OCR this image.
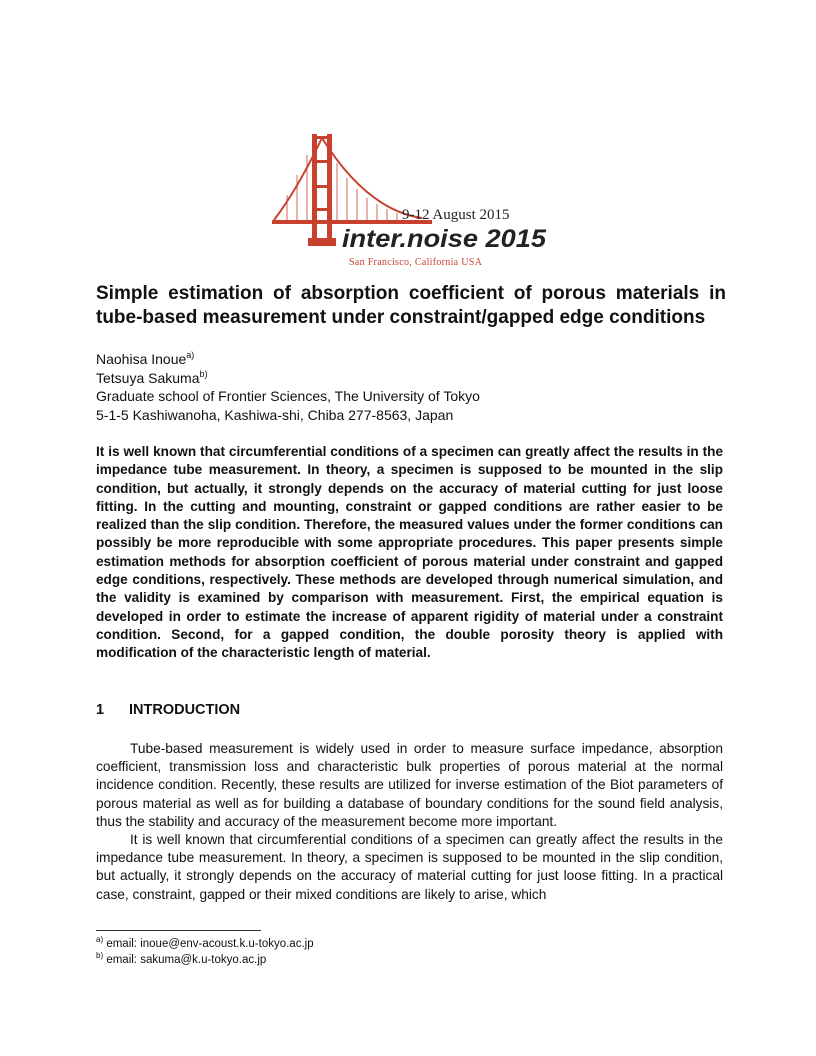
9-12 August 2015
inter.noise 2015
San Francisco, California USA
Simple estimation of absorption coefficient of porous materials in tube-based measurement under constraint/gapped edge conditions
Naohisa Inoue$^{a)}$
Tetsuya Sakuma$^{b)}$
Graduate school of Frontier Sciences, The University of Tokyo
5-1-5 Kashiwanoha, Kashiwa-shi, Chiba 277-8563, Japan

It is well known that circumferential conditions of a specimen can greatly affect the results in the impedance tube measurement. In theory, a specimen is supposed to be mounted in the slip condition, but actually, it strongly depends on the accuracy of material cutting for just loose fitting. In the cutting and mounting, constraint or gapped conditions are rather easier to be realized than the slip condition. Therefore, the measured values under the former conditions can possibly be more reproducible with some appropriate procedures. This paper presents simple estimation methods for absorption coefficient of porous material under constraint and gapped edge conditions, respectively. These methods are developed through numerical simulation, and the validity is examined by comparison with measurement. First, the empirical equation is developed in order to estimate the increase of apparent rigidity of material under a constraint condition. Second, for a gapped condition, the double porosity theory is applied with modification of the characteristic length of material.

1 INTRODUCTION

Tube-based measurement is widely used in order to measure surface impedance, absorption coefficient, transmission loss and characteristic bulk properties of porous material at the normal incidence condition. Recently, these results are utilized for inverse estimation of the Biot parameters of porous material as well as for building a database of boundary conditions for the sound field analysis, thus the stability and accuracy of the measurement become more important.

It is well known that circumferential conditions of a specimen can greatly affect the results in the impedance tube measurement. In theory, a specimen is supposed to be mounted in the slip condition, but actually, it strongly depends on the accuracy of material cutting for just loose fitting. In a practical case, constraint, gapped or their mixed conditions are likely to arise, which

$^{a)}$ email: inoue@env-acoust.k.u-tokyo.ac.jp
$^{b)}$ email: sakuma@k.u-tokyo.ac.jp
